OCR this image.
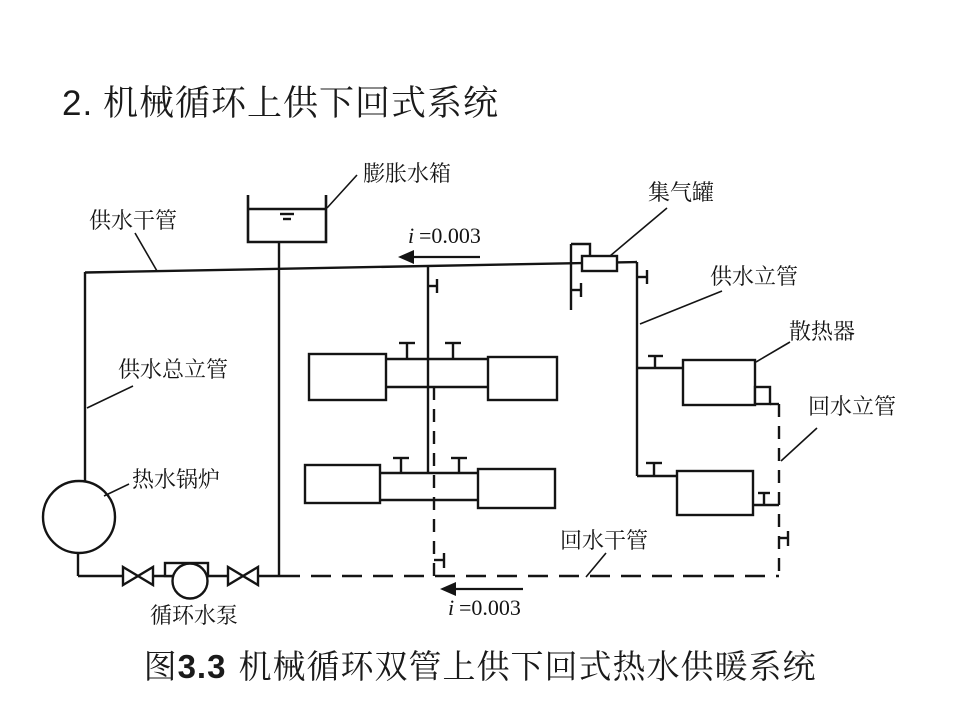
2. 机械循环上供下回式系统
膨胀水箱
供水干管
集气罐
供水立管
散热器
回水立管
供水总立管
热水锅炉
回水干管
循环水泵
i =0.003
i =0.003
图3.3 机械循环双管上供下回式热水供暖系统
